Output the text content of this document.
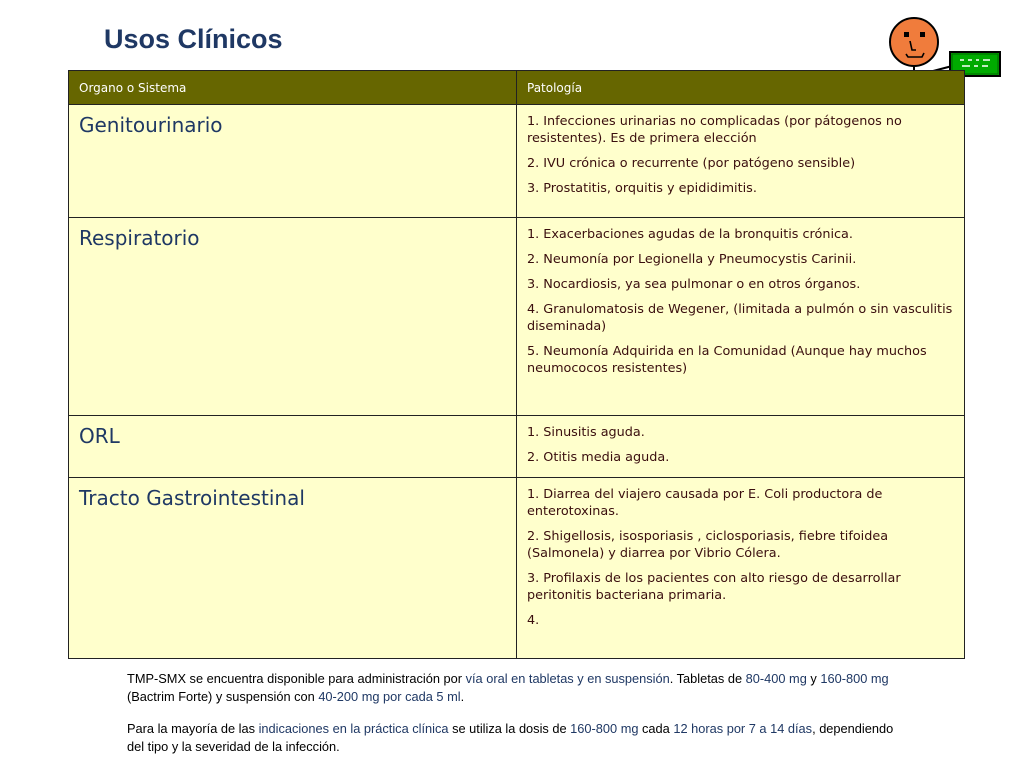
Usos Clínicos
Organo o Sistema	Patología
Genitourinario	1. Infecciones urinarias no complicadas (por pátogenos no resistentes). Es de primera elección
2. IVU crónica o recurrente (por patógeno sensible)
3. Prostatitis, orquitis y epididimitis.

Respiratorio	1. Exacerbaciones agudas de la bronquitis crónica.
2. Neumonía por Legionella y Pneumocystis Carinii.
3. Nocardiosis, ya sea pulmonar o en otros órganos.
4. Granulomatosis de Wegener, (limitada a pulmón o sin vasculitis diseminada)
5. Neumonía Adquirida en la Comunidad (Aunque hay muchos neumococos resistentes)

ORL	1. Sinusitis aguda.
2. Otitis media aguda.

Tracto Gastrointestinal	1. Diarrea del viajero causada por E. Coli productora de enterotoxinas.
2. Shigellosis, isosporiasis , ciclosporiasis, fiebre tifoidea (Salmonela) y diarrea por Vibrio Cólera.
3. Profilaxis de los pacientes con alto riesgo de desarrollar peritonitis bacteriana primaria.
4.

TMP-SMX se encuentra disponible para administración por vía oral en tabletas y en suspensión. Tabletas de 80-400 mg y 160-800 mg (Bactrim Forte) y suspensión con 40-200 mg por cada 5 ml.

Para la mayoría de las indicaciones en la práctica clínica se utiliza la dosis de 160-800 mg cada 12 horas por 7 a 14 días, dependiendo del tipo y la severidad de la infección.
